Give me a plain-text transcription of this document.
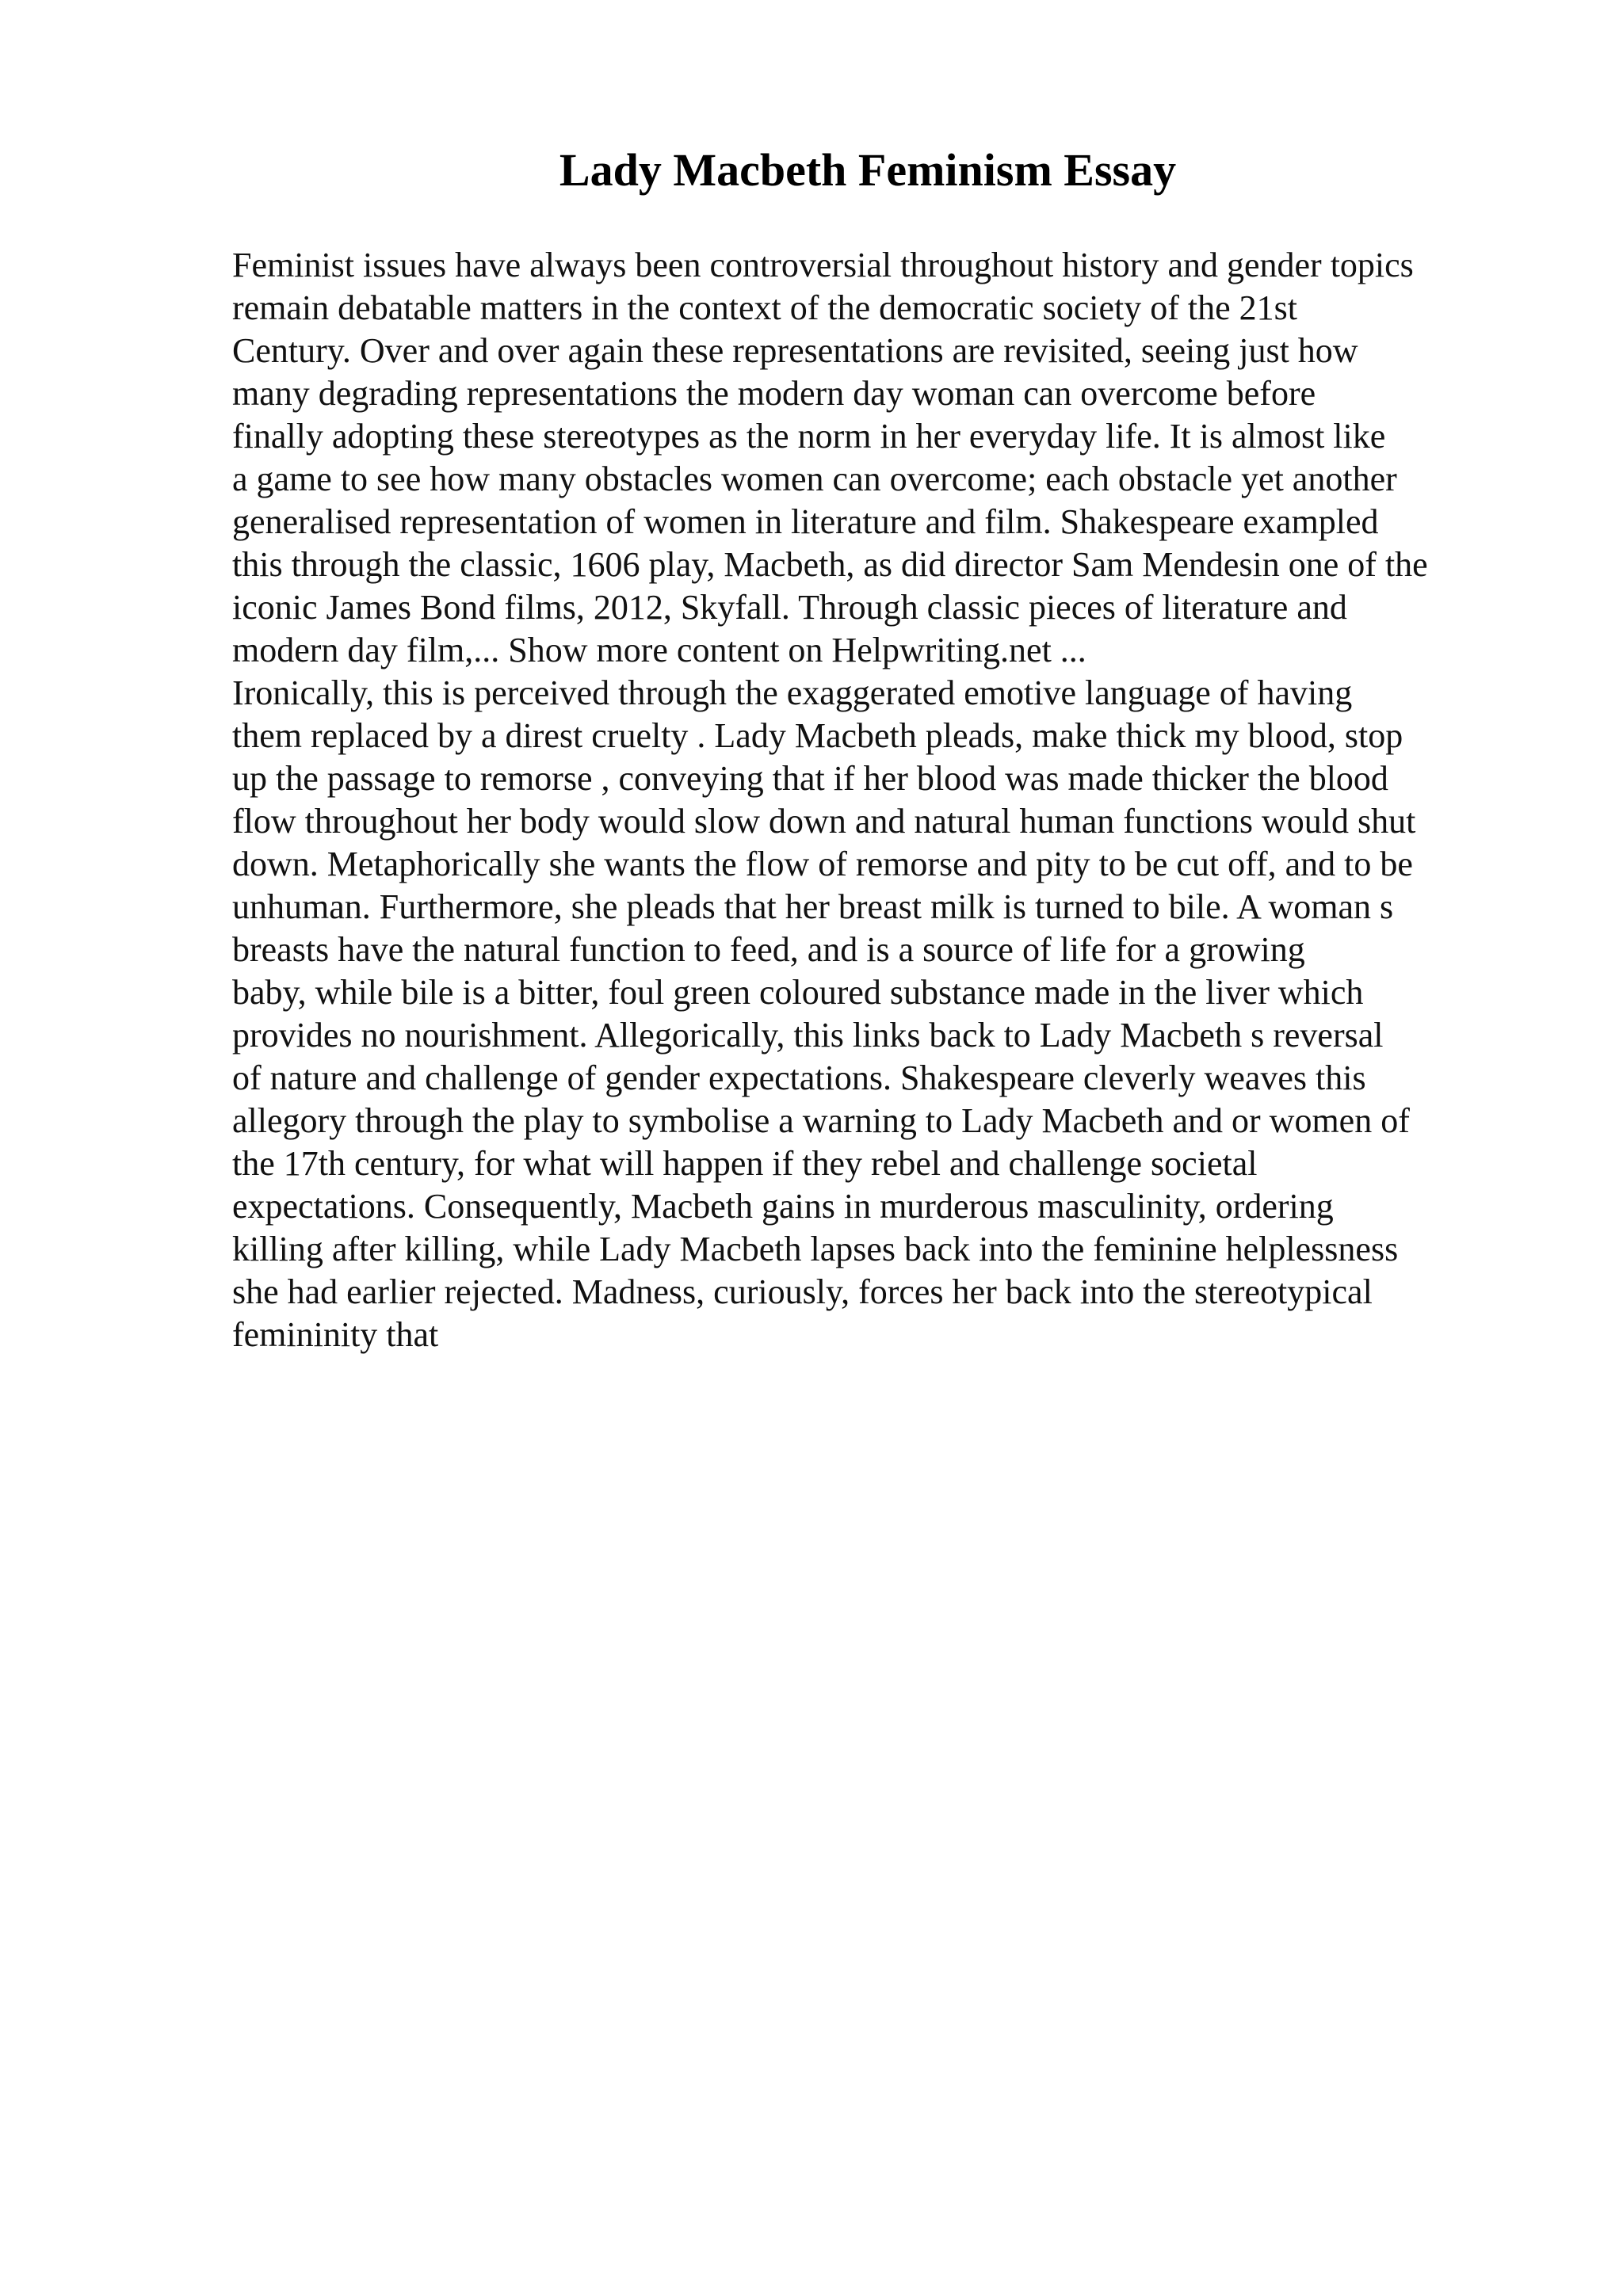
Lady Macbeth Feminism Essay
Feminist issues have always been controversial throughout history and gender topics
remain debatable matters in the context of the democratic society of the 21st
Century. Over and over again these representations are revisited, seeing just how
many degrading representations the modern day woman can overcome before
finally adopting these stereotypes as the norm in her everyday life. It is almost like
a game to see how many obstacles women can overcome; each obstacle yet another
generalised representation of women in literature and film. Shakespeare exampled
this through the classic, 1606 play, Macbeth, as did director Sam Mendesin one of the
iconic James Bond films, 2012, Skyfall. Through classic pieces of literature and
modern day film,... Show more content on Helpwriting.net ...
Ironically, this is perceived through the exaggerated emotive language of having
them replaced by a direst cruelty . Lady Macbeth pleads, make thick my blood, stop
up the passage to remorse , conveying that if her blood was made thicker the blood
flow throughout her body would slow down and natural human functions would shut
down. Metaphorically she wants the flow of remorse and pity to be cut off, and to be
unhuman. Furthermore, she pleads that her breast milk is turned to bile. A woman s
breasts have the natural function to feed, and is a source of life for a growing
baby, while bile is a bitter, foul green coloured substance made in the liver which
provides no nourishment. Allegorically, this links back to Lady Macbeth s reversal
of nature and challenge of gender expectations. Shakespeare cleverly weaves this
allegory through the play to symbolise a warning to Lady Macbeth and or women of
the 17th century, for what will happen if they rebel and challenge societal
expectations. Consequently, Macbeth gains in murderous masculinity, ordering
killing after killing, while Lady Macbeth lapses back into the feminine helplessness
she had earlier rejected. Madness, curiously, forces her back into the stereotypical
femininity that
